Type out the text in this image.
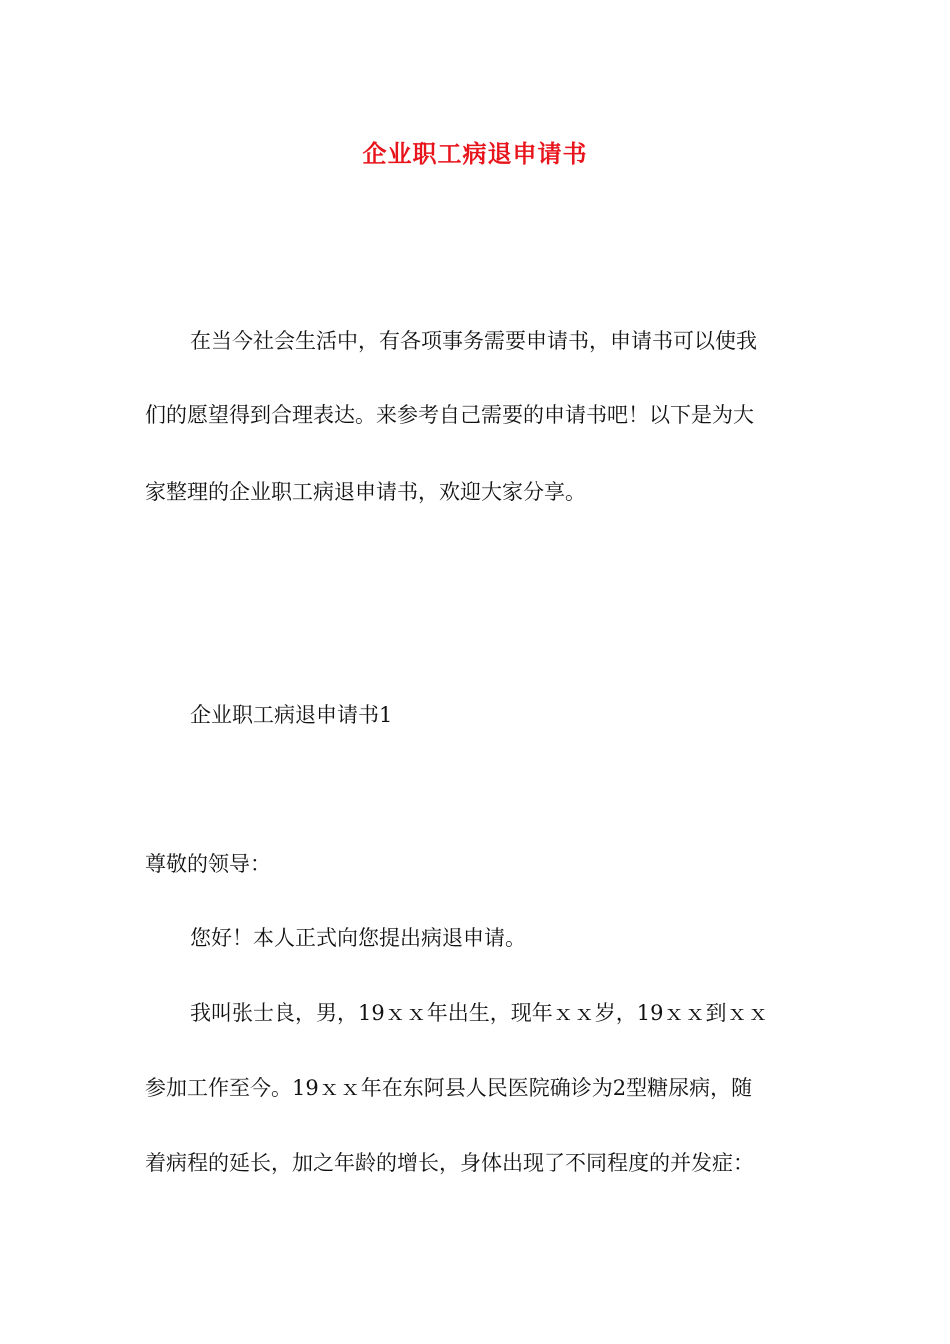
企业职工病退申请书
在当今社会生活中，有各项事务需要申请书，申请书可以使我
们的愿望得到合理表达。来参考自己需要的申请书吧！以下是为大
家整理的企业职工病退申请书，欢迎大家分享。
企业职工病退申请书1
尊敬的领导：
您好！本人正式向您提出病退申请。
我叫张士良，男，19ｘｘ年出生，现年ｘｘ岁，19ｘｘ到ｘｘ
参加工作至今。19ｘｘ年在东阿县人民医院确诊为2型糖尿病，随
着病程的延长，加之年龄的增长，身体出现了不同程度的并发症：
